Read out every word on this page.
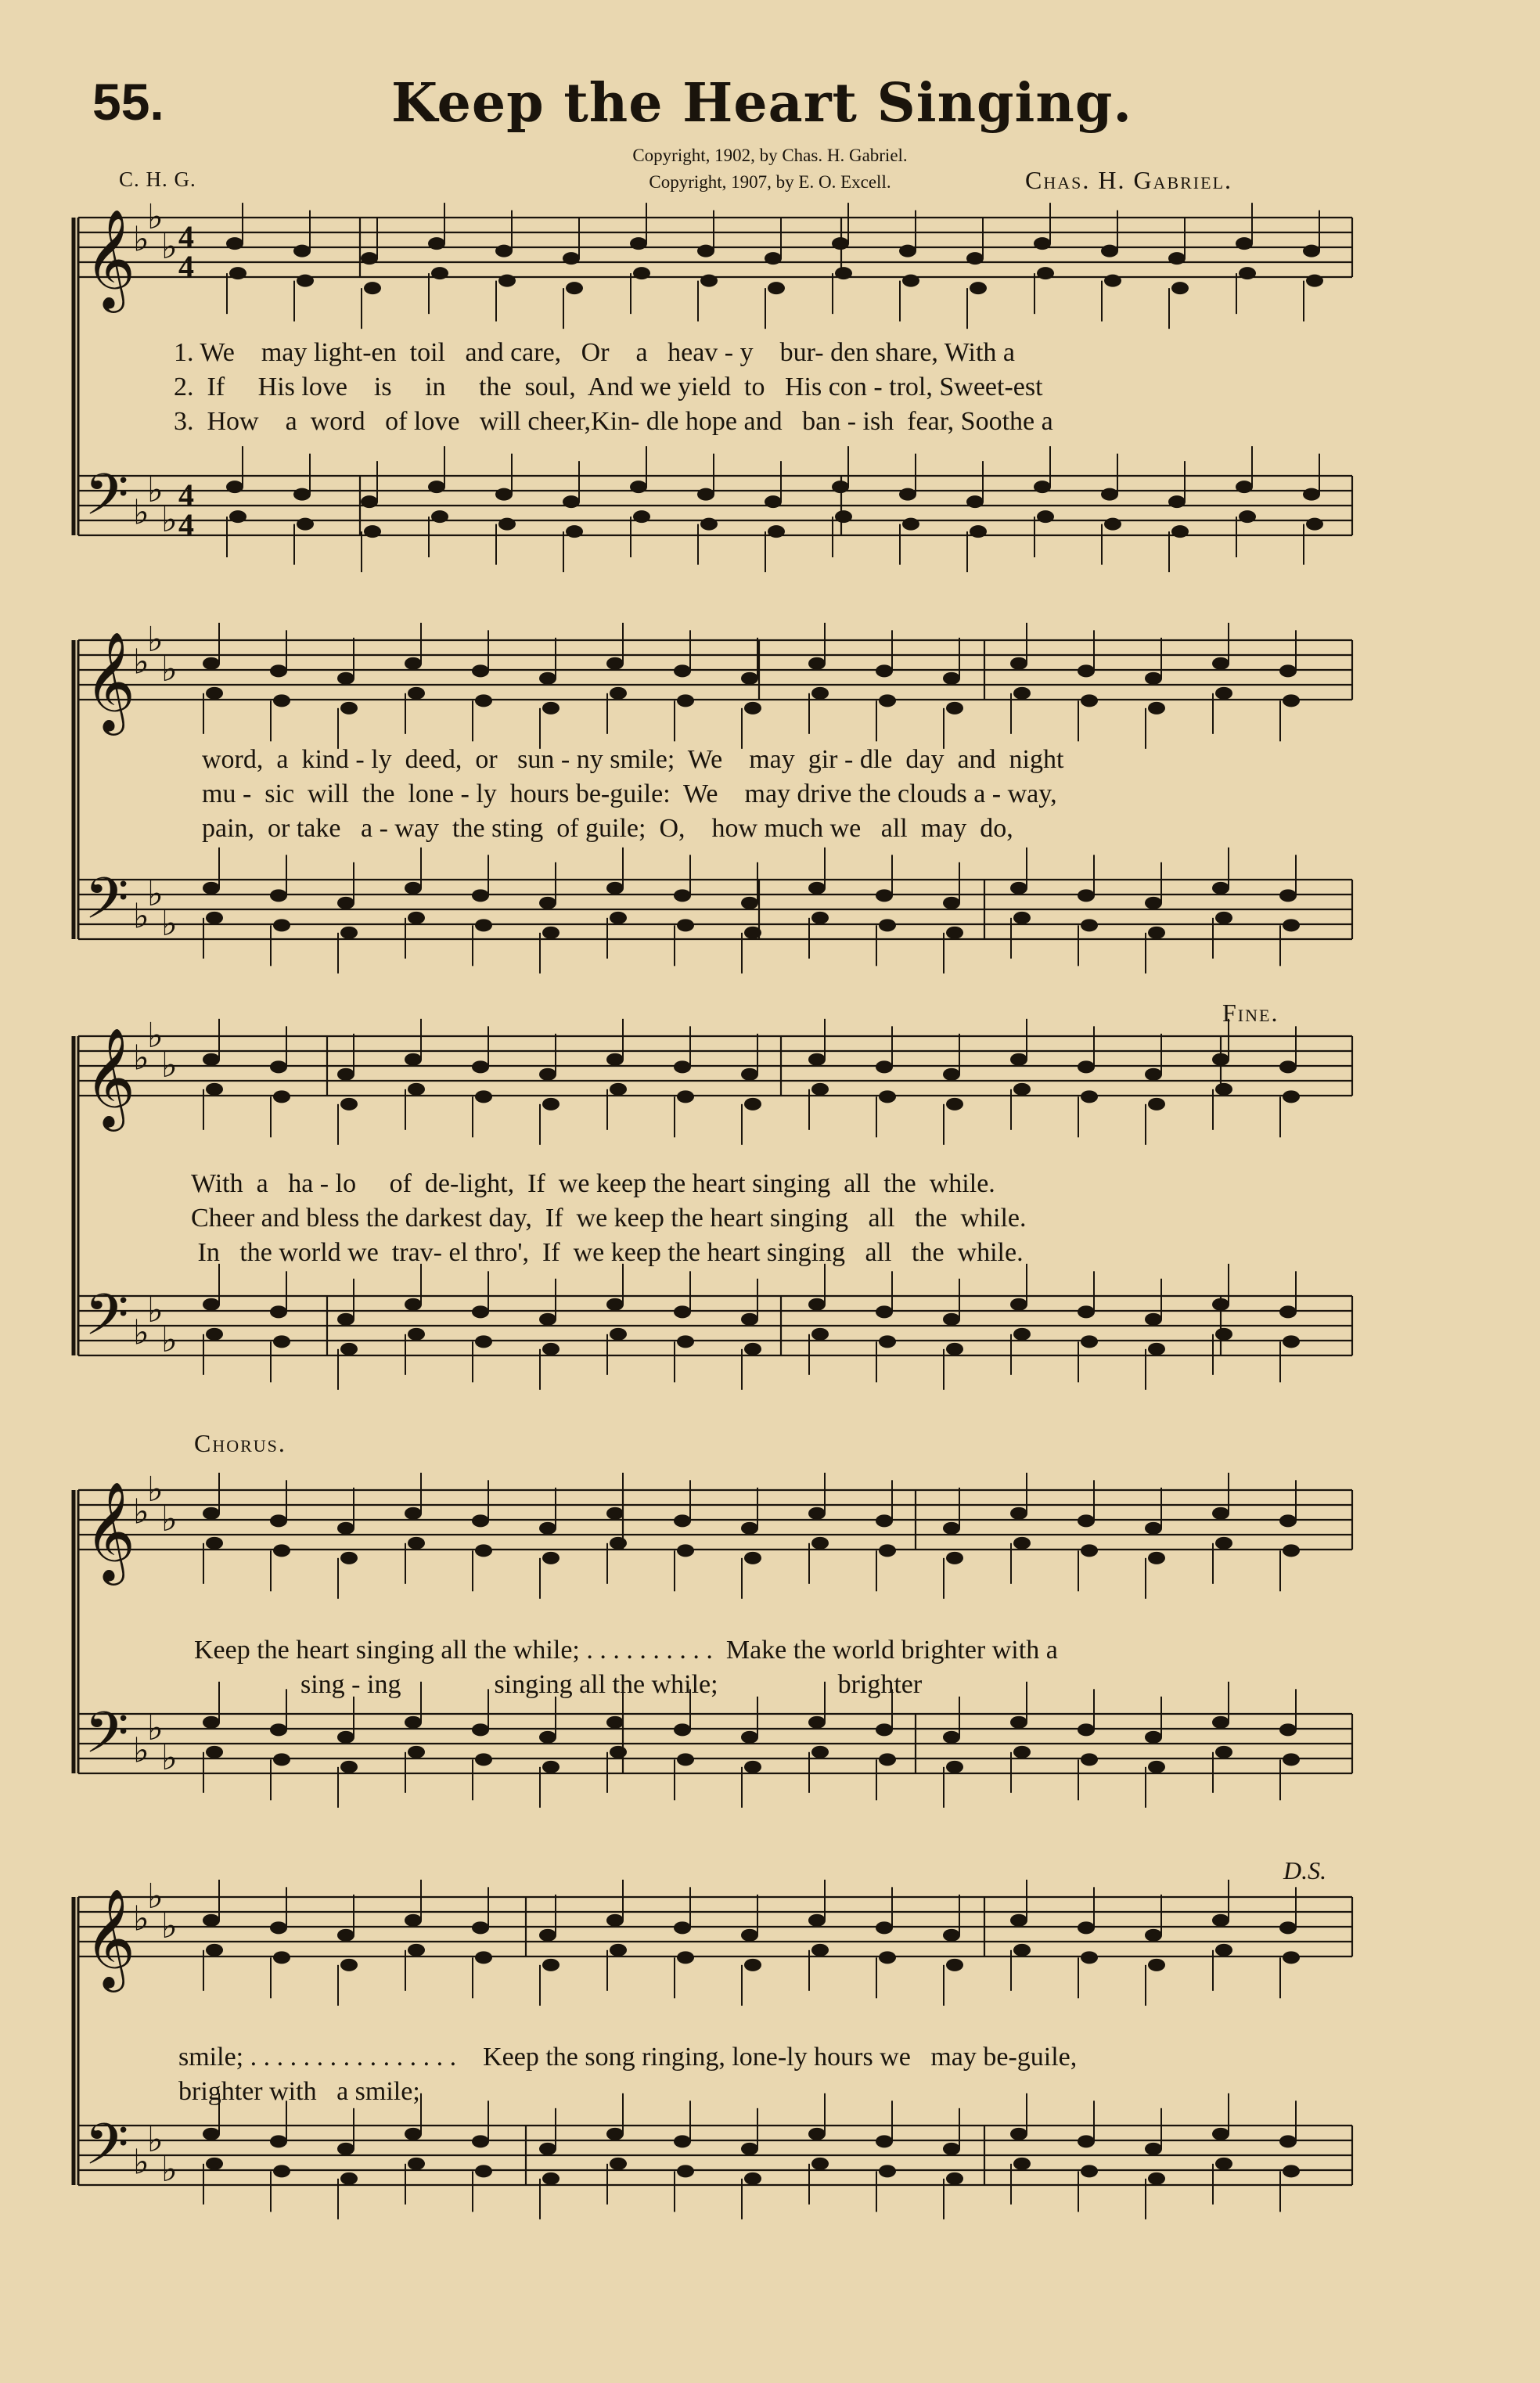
55.	Keep the Heart Singing.
Copyright, 1902, by Chas. H. Gabriel.
C. H. G.	Copyright, 1907, by E. O. Excell.	Chas. H. Gabriel.
𝄞
𝄢
♭
♭
♭
♭
♭
♭
4
4
4
4
𝄞
𝄢
♭
♭
♭
♭
♭
♭
𝄞
𝄢
♭
♭
♭
♭
♭
♭
𝄞
𝄢
♭
♭
♭
♭
♭
♭
𝄞
𝄢
♭
♭
♭
♭
♭
♭
1. We    may light-en  toil   and care,   Or    a   heav - y    bur- den share, With a
2.  If     His love    is     in     the  soul,  And we yield  to   His con - trol, Sweet-est
3.  How    a  word   of love   will cheer,Kin- dle hope and   ban - ish  fear, Soothe a
word,  a  kind - ly  deed,  or   sun - ny smile;  We    may  gir - dle  day  and  night
mu -  sic  will  the  lone - ly  hours be-guile:  We    may drive the clouds a - way,
pain,  or take   a - way  the sting  of guile;  O,    how much we   all  may  do,
Fine.
With  a   ha - lo     of  de-light,  If  we keep the heart singing  all  the  while.
Cheer and bless the darkest day,  If  we keep the heart singing   all   the  while.
In   the world we  trav- el thro',  If  we keep the heart singing   all   the  while.
Chorus.
Keep the heart singing all the while; . . . . . . . . . .  Make the world brighter with a
sing - ing              singing all the while;                  brighter
D.S.
smile; . . . . . . . . . . . . . . . .    Keep the song ringing, lone-ly hours we   may be-guile,
brighter with   a smile;
